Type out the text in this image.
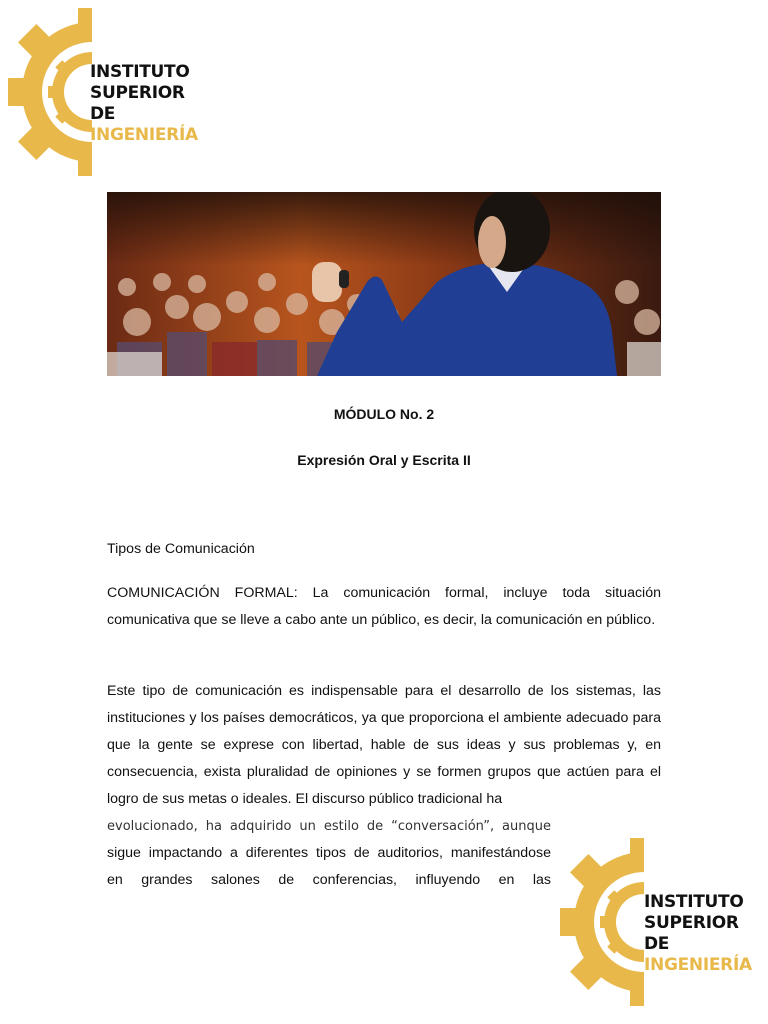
INSTITUTO
SUPERIOR DE
INGENIERÍA
MÓDULO No. 2
Expresión Oral y Escrita II

Tipos de Comunicación

COMUNICACIÓN FORMAL: La comunicación formal, incluye toda situación comunicativa que se lleve a cabo ante un público, es decir, la comunicación en público.

Este tipo de comunicación es indispensable para el desarrollo de los sistemas, las instituciones y los países democráticos, ya que proporciona el ambiente adecuado para que la gente se exprese con libertad, hable de sus ideas y sus problemas y, en consecuencia, exista pluralidad de opiniones y se formen grupos que actúen para el logro de sus metas o ideales. El discurso público tradicional ha

evolucionado, ha adquirido un estilo de “conversación”, aunque
sigue impactando a diferentes tipos de auditorios, manifestándose
en grandes salones de conferencias, influyendo en las

INSTITUTO
SUPERIOR DE
INGENIERÍA
